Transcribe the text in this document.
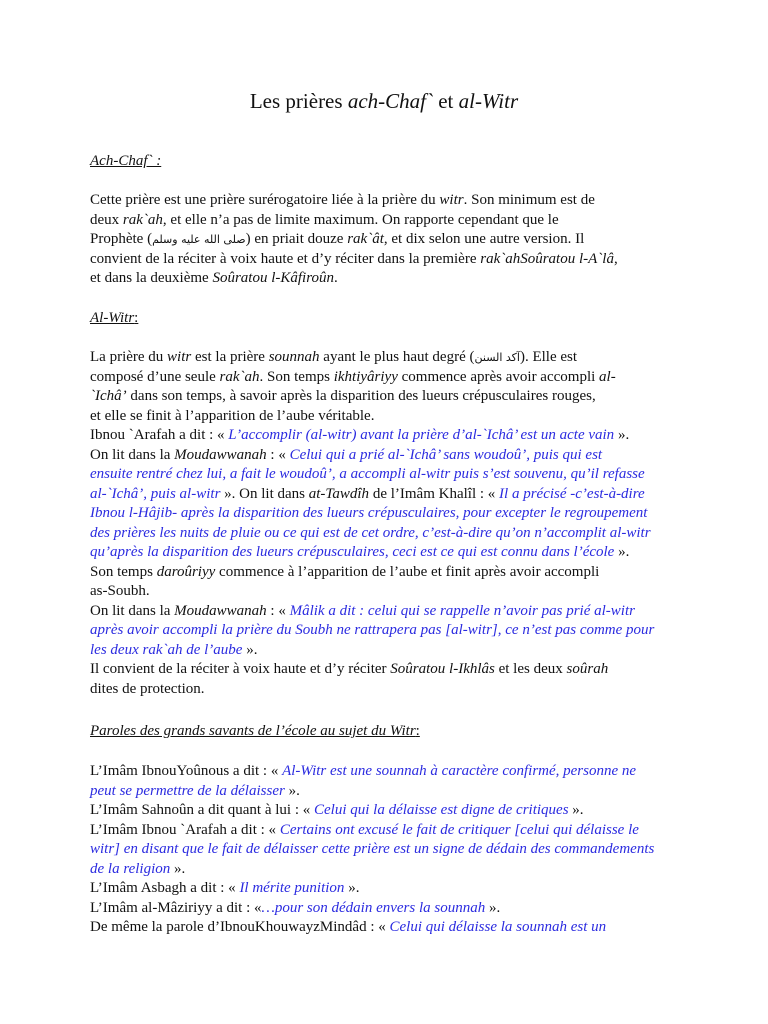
Les prières ach-Chaf` et al-Witr
Ach-Chaf` :
Cette prière est une prière surérogatoire liée à la prière du witr. Son minimum est de
deux rak`ah, et elle n’a pas de limite maximum. On rapporte cependant que le
Prophète (صلى الله عليه وسلم) en priait douze rak`ât, et dix selon une autre version. Il
convient de la réciter à voix haute et d’y réciter dans la première rak`ahSoûratou l-A`lâ,
et dans la deuxième Soûratou l-Kâfiroûn.
Al-Witr:
La prière du witr est la prière sounnah ayant le plus haut degré (آكد السنن). Elle est
composé d’une seule rak`ah. Son temps ikhtiyâriyy commence après avoir accompli al-
`Ichâ’ dans son temps, à savoir après la disparition des lueurs crépusculaires rouges,
et elle se finit à l’apparition de l’aube véritable.
Ibnou `Arafah a dit : « L’accomplir (al-witr) avant la prière d’al-`Ichâ’ est un acte vain ».
On lit dans la Moudawwanah : « Celui qui a prié al-`Ichâ’ sans woudoû’, puis qui est
ensuite rentré chez lui, a fait le woudoû’, a accompli al-witr puis s’est souvenu, qu’il refasse
al-`Ichâ’, puis al-witr ». On lit dans at-Tawdîh de l’Imâm Khalîl : « Il a précisé -c’est-à-dire
Ibnou l-Hâjib- après la disparition des lueurs crépusculaires, pour excepter le regroupement
des prières les nuits de pluie ou ce qui est de cet ordre, c’est-à-dire qu’on n’accomplit al-witr
qu’après la disparition des lueurs crépusculaires, ceci est ce qui est connu dans l’école ».
Son temps daroûriyy commence à l’apparition de l’aube et finit après avoir accompli
as-Soubh.
On lit dans la Moudawwanah : « Mâlik a dit : celui qui se rappelle n’avoir pas prié al-witr
après avoir accompli la prière du Soubh ne rattrapera pas [al-witr], ce n’est pas comme pour
les deux rak`ah de l’aube ».
Il convient de la réciter à voix haute et d’y réciter Soûratou l-Ikhlâs et les deux soûrah
dites de protection.
Paroles des grands savants de l’école au sujet du Witr:
L’Imâm IbnouYoûnous a dit : « Al-Witr est une sounnah à caractère confirmé, personne ne
peut se permettre de la délaisser ».
L’Imâm Sahnoûn a dit quant à lui : « Celui qui la délaisse est digne de critiques ».
L’Imâm Ibnou `Arafah a dit : « Certains ont excusé le fait de critiquer [celui qui délaisse le
witr] en disant que le fait de délaisser cette prière est un signe de dédain des commandements
de la religion ».
L’Imâm Asbagh a dit : « Il mérite punition ».
L’Imâm al-Mâziriyy a dit : «…pour son dédain envers la sounnah ».
De même la parole d’IbnouKhouwayzMindâd : « Celui qui délaisse la sounnah est un
